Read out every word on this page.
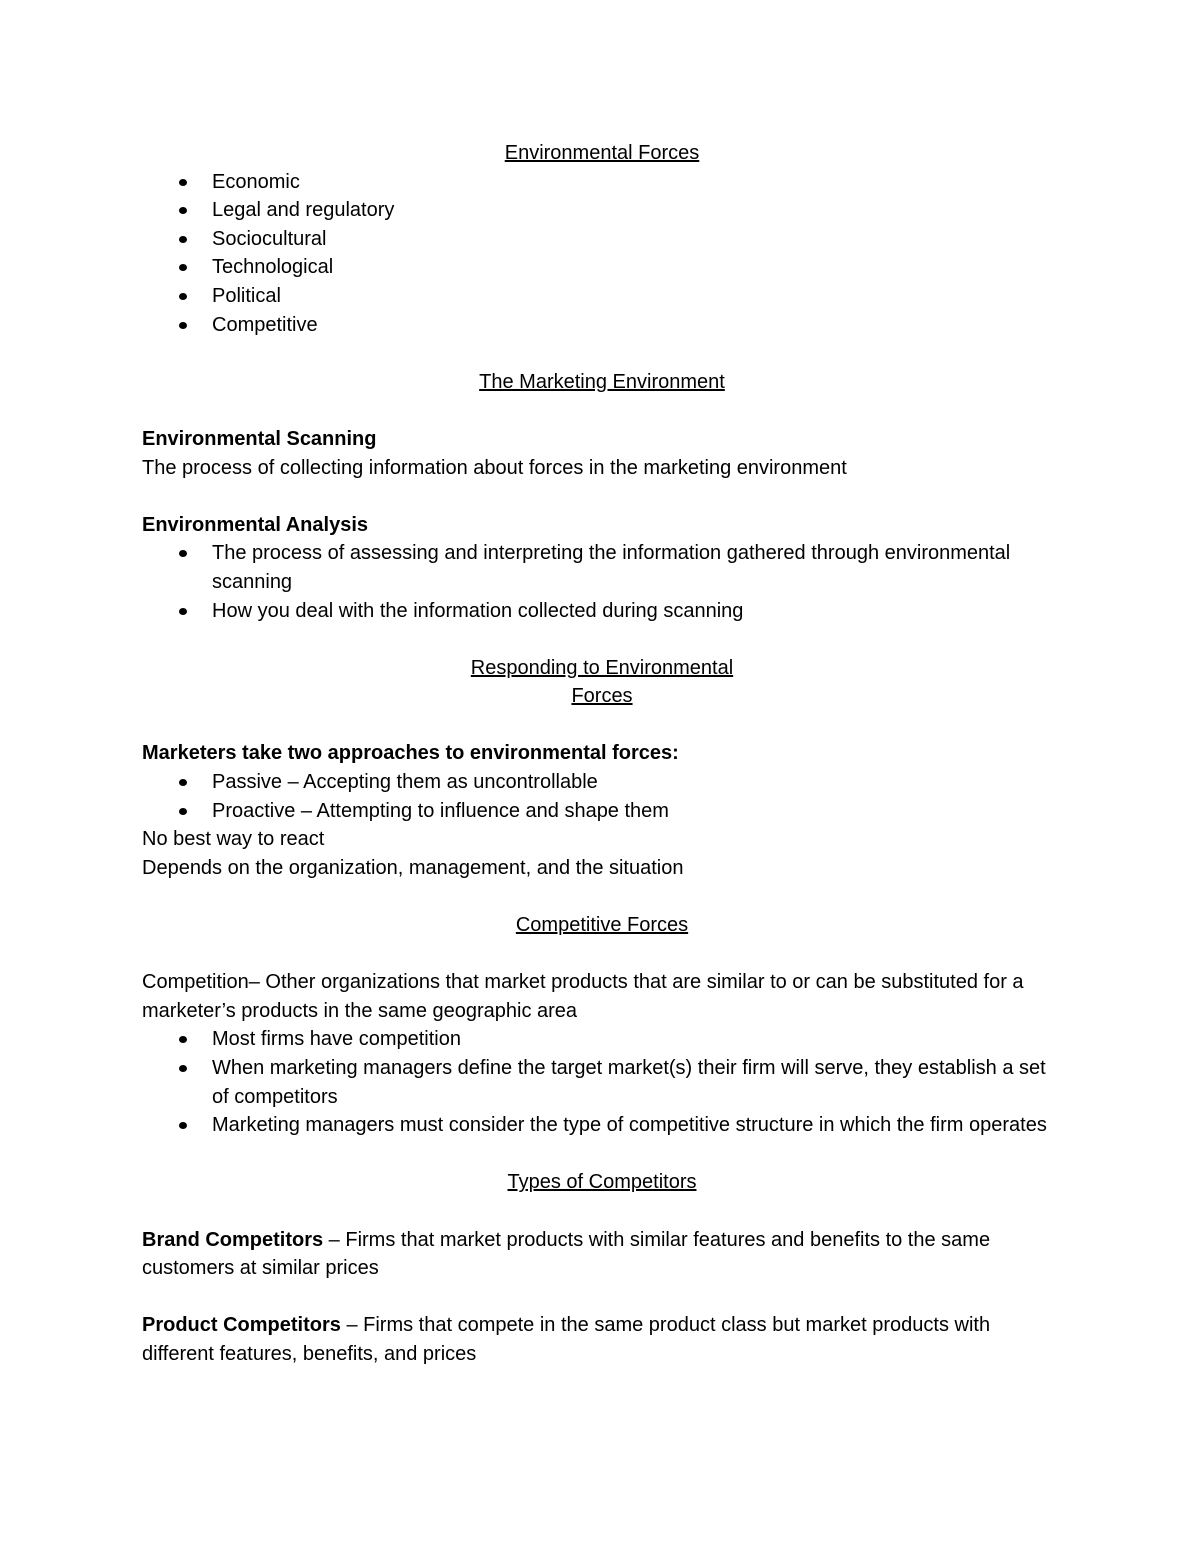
Environmental Forces

Economic
Legal and regulatory
Sociocultural
Technological
Political
Competitive

The Marketing Environment

Environmental Scanning

The process of collecting information about forces in the marketing environment

Environmental Analysis

The process of assessing and interpreting the information gathered through environmental scanning
How you deal with the information collected during scanning

Responding to Environmental

Forces

Marketers take two approaches to environmental forces:

Passive – Accepting them as uncontrollable
Proactive – Attempting to influence and shape them

No best way to react

Depends on the organization, management, and the situation

Competitive Forces

Competition– Other organizations that market products that are similar to or can be substituted for a marketer’s products in the same geographic area

Most firms have competition
When marketing managers define the target market(s) their firm will serve, they establish a set of competitors
Marketing managers must consider the type of competitive structure in which the firm operates

Types of Competitors

Brand Competitors – Firms that market products with similar features and benefits to the same customers at similar prices

Product Competitors – Firms that compete in the same product class but market products with different features, benefits, and prices
